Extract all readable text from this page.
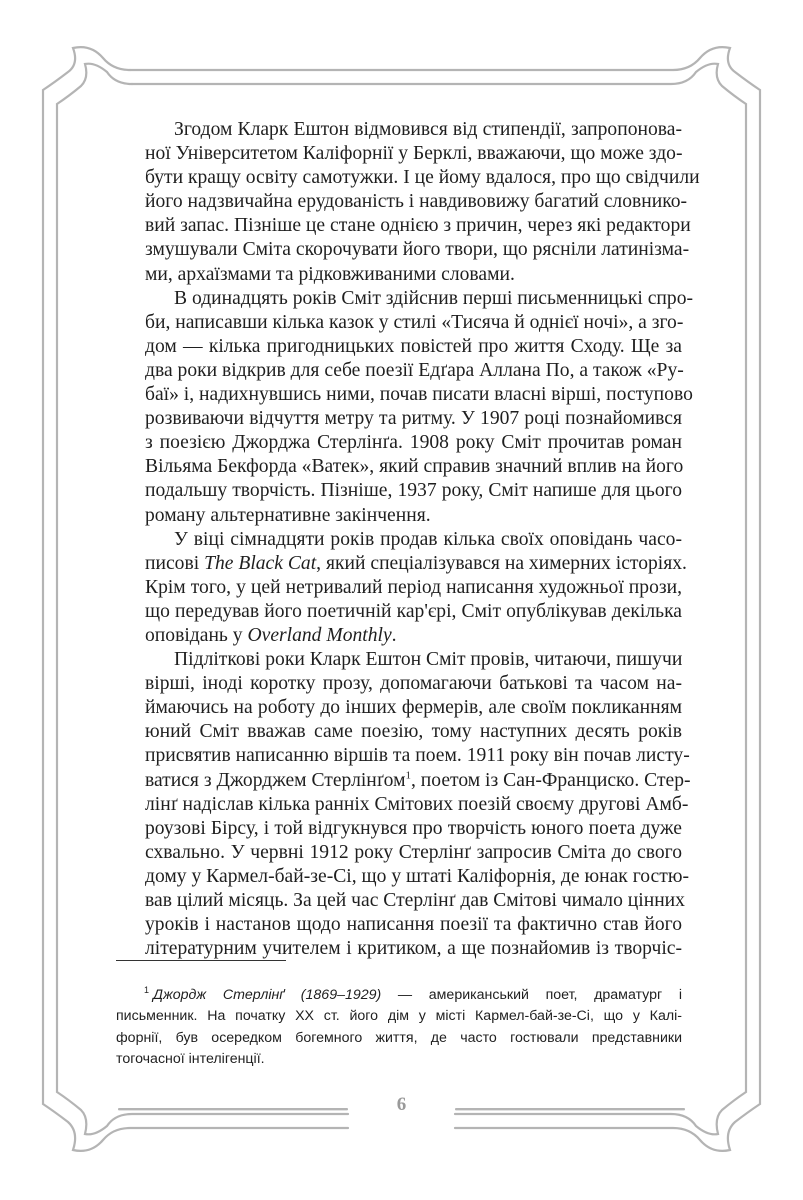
Згодом Кларк Ештон відмовився від стипендії, запропонова-
ної Університетом Каліфорнії у Берклі, вважаючи, що може здо-
бути кращу освіту самотужки. І це йому вдалося, про що свідчили
його надзвичайна ерудованість і навдивовижу багатий словнико-
вий запас. Пізніше це стане однією з причин, через які редактори
змушували Сміта скорочувати його твори, що рясніли латинізма-
ми, архаїзмами та рідковживаними словами.

В одинадцять років Сміт здійснив перші письменницькі спро-
би, написавши кілька казок у стилі «Тисяча й однієї ночі», а зго-
дом — кілька пригодницьких повістей про життя Сходу. Ще за
два роки відкрив для себе поезії Едґара Аллана По, а також «Ру-
баї» і, надихнувшись ними, почав писати власні вірші, поступово
розвиваючи відчуття метру та ритму. У 1907 році познайомився
з поезією Джорджа Стерлінґа. 1908 року Сміт прочитав роман
Вільяма Бекфорда «Ватек», який справив значний вплив на його
подальшу творчість. Пізніше, 1937 року, Сміт напише для цього
роману альтернативне закінчення.

У віці сімнадцяти років продав кілька своїх оповідань часо-
писові The Black Cat, який спеціалізувався на химерних історіях.
Крім того, у цей нетривалий період написання художньої прози,
що передував його поетичній кар'єрі, Сміт опублікував декілька
оповідань у Overland Monthly.

Підліткові роки Кларк Ештон Сміт провів, читаючи, пишучи
вірші, іноді коротку прозу, допомагаючи батькові та часом на-
ймаючись на роботу до інших фермерів, але своїм покликанням
юний Сміт вважав саме поезію, тому наступних десять років
присвятив написанню віршів та поем. 1911 року він почав листу-
ватися з Джорджем Стерлінґом$^1$, поетом із Сан-Франциско. Стер-
лінґ надіслав кілька ранніх Смітових поезій своєму другові Амб-
роузові Бірсу, і той відгукнувся про творчість юного поета дуже
схвально. У червні 1912 року Стерлінґ запросив Сміта до свого
дому у Кармел-бай-зе-Сі, що у штаті Каліфорнія, де юнак гостю-
вав цілий місяць. За цей час Стерлінґ дав Смітові чимало цінних
уроків і настанов щодо написання поезії та фактично став його
літературним учителем і критиком, а ще познайомив із творчіс-

$^1$ Джордж Стерлінґ (1869–1929) — американський поет, драматург і
письменник. На початку XX ст. його дім у місті Кармел-бай-зе-Сі, що у Калі-
форнії, був осередком богемного життя, де часто гостювали представники
тогочасної інтелігенції.
6
